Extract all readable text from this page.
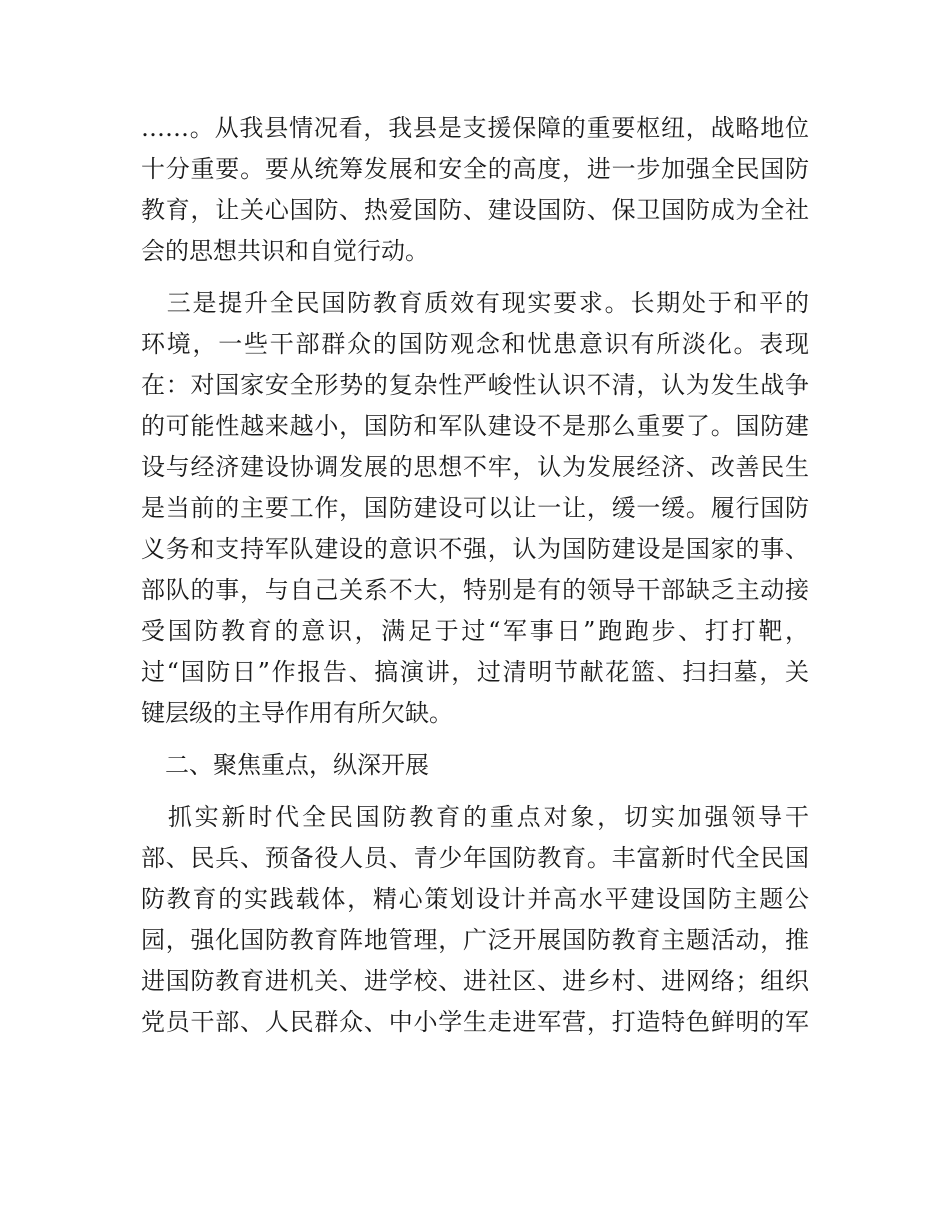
……。从我县情况看，我县是支援保障的重要枢纽，战略地位
十分重要。要从统筹发展和安全的高度，进一步加强全民国防
教育，让关心国防、热爱国防、建设国防、保卫国防成为全社
会的思想共识和自觉行动。

　三是提升全民国防教育质效有现实要求。长期处于和平的
环境，一些干部群众的国防观念和忧患意识有所淡化。表现
在：对国家安全形势的复杂性严峻性认识不清，认为发生战争
的可能性越来越小，国防和军队建设不是那么重要了。国防建
设与经济建设协调发展的思想不牢，认为发展经济、改善民生
是当前的主要工作，国防建设可以让一让，缓一缓。履行国防
义务和支持军队建设的意识不强，认为国防建设是国家的事、
部队的事，与自己关系不大，特别是有的领导干部缺乏主动接
受国防教育的意识，满足于过“军事日”跑跑步、打打靶，
过“国防日”作报告、搞演讲，过清明节献花篮、扫扫墓，关
键层级的主导作用有所欠缺。

　二、聚焦重点，纵深开展

　抓实新时代全民国防教育的重点对象，切实加强领导干
部、民兵、预备役人员、青少年国防教育。丰富新时代全民国
防教育的实践载体，精心策划设计并高水平建设国防主题公
园，强化国防教育阵地管理，广泛开展国防教育主题活动，推
进国防教育进机关、进学校、进社区、进乡村、进网络；组织
党员干部、人民群众、中小学生走进军营，打造特色鲜明的军
